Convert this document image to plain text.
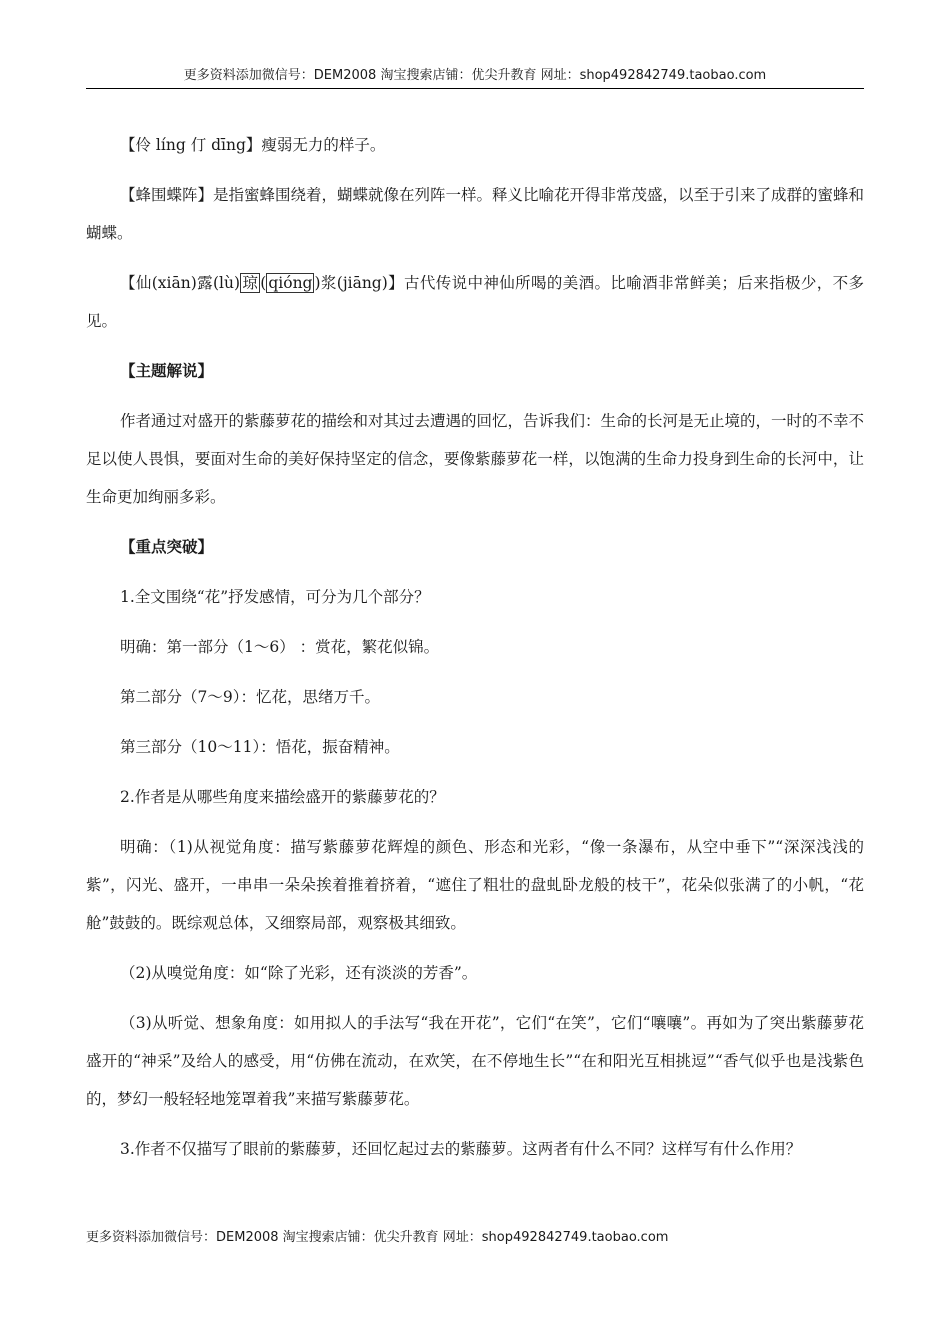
更多资料添加微信号：DEM2008 淘宝搜索店铺：优尖升教育 网址：shop492842749.taobao.com

【伶 líng 仃 dīng】瘦弱无力的样子。

【蜂围蝶阵】是指蜜蜂围绕着，蝴蝶就像在列阵一样。释义比喻花开得非常茂盛，以至于引来了成群的蜜蜂和蝴蝶。

【仙(xiān)露(lù) 琼 ( qióng )浆(jiāng)】古代传说中神仙所喝的美酒。比喻酒非常鲜美；后来指极少，不多见。

【主题解说】

作者通过对盛开的紫藤萝花的描绘和对其过去遭遇的回忆，告诉我们：生命的长河是无止境的，一时的不幸不足以使人畏惧，要面对生命的美好保持坚定的信念，要像紫藤萝花一样，以饱满的生命力投身到生命的长河中，让生命更加绚丽多彩。

【重点突破】

1.全文围绕“花”抒发感情，可分为几个部分？

明确：第一部分（1～6） ：赏花，繁花似锦。

第二部分（7～9）：忆花，思绪万千。

第三部分（10～11）：悟花，振奋精神。

2.作者是从哪些角度来描绘盛开的紫藤萝花的？

明确：（1)从视觉角度：描写紫藤萝花辉煌的颜色、形态和光彩，“像一条瀑布，从空中垂下”“深深浅浅的紫”，闪光、盛开，一串串一朵朵挨着推着挤着，“遮住了粗壮的盘虬卧龙般的枝干”，花朵似张满了的小帆，“花舱”鼓鼓的。既综观总体，又细察局部，观察极其细致。

（2)从嗅觉角度：如“除了光彩，还有淡淡的芳香”。

（3)从听觉、想象角度：如用拟人的手法写“我在开花”，它们“在笑”，它们“嚷嚷”。再如为了突出紫藤萝花盛开的“神采”及给人的感受，用“仿佛在流动，在欢笑，在不停地生长”“在和阳光互相挑逗”“香气似乎也是浅紫色的，梦幻一般轻轻地笼罩着我”来描写紫藤萝花。

3.作者不仅描写了眼前的紫藤萝，还回忆起过去的紫藤萝。这两者有什么不同？这样写有什么作用？

更多资料添加微信号：DEM2008 淘宝搜索店铺：优尖升教育 网址：shop492842749.taobao.com
